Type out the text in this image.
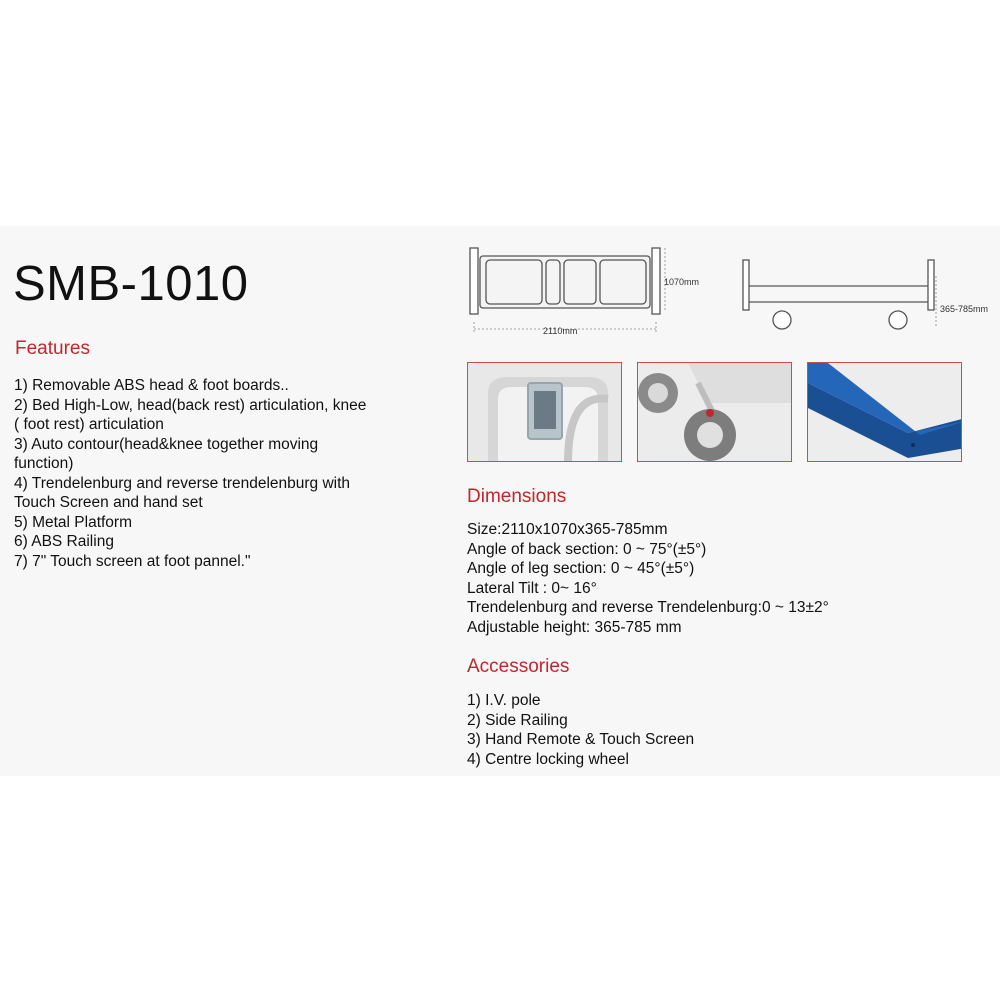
SMB-1010
Features
1) Removable ABS head & foot boards..
2) Bed High-Low, head(back rest) articulation, knee
( foot rest) articulation
3) Auto contour(head&knee together moving
function)
4) Trendelenburg and reverse trendelenburg with
Touch Screen and hand set
5) Metal Platform
6) ABS Railing
7) 7" Touch screen at foot pannel."
2110mm
1070mm
365-785mm
Dimensions
Size:2110x1070x365-785mm
Angle of back section: 0 ~ 75°(±5°)
Angle of leg section: 0 ~ 45°(±5°)
Lateral Tilt : 0~ 16°
Trendelenburg and reverse Trendelenburg:0 ~ 13±2°
Adjustable height: 365-785 mm
Accessories
1) I.V. pole
2) Side Railing
3) Hand Remote & Touch Screen
4) Centre locking wheel
